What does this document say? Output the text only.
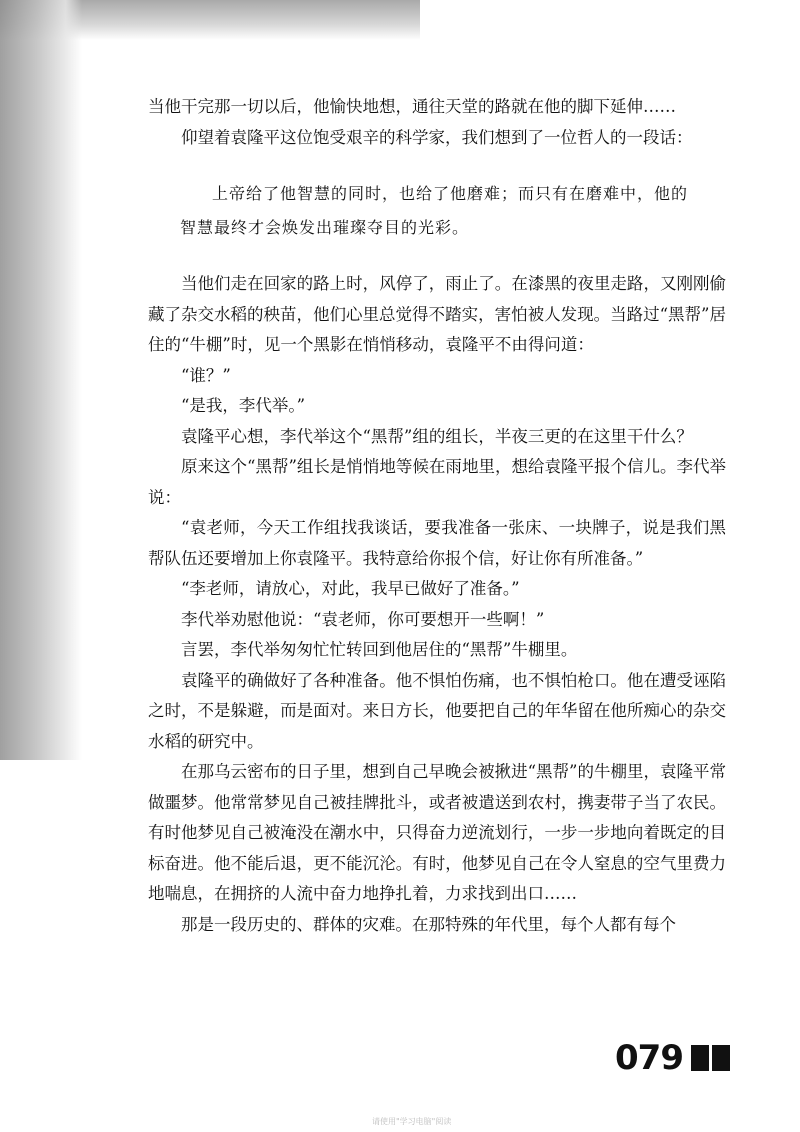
当他干完那一切以后，他愉快地想，通往天堂的路就在他的脚下延伸……

仰望着袁隆平这位饱受艰辛的科学家，我们想到了一位哲人的一段话：

上帝给了他智慧的同时，也给了他磨难；而只有在磨难中，他的

智慧最终才会焕发出璀璨夺目的光彩。

当他们走在回家的路上时，风停了，雨止了。在漆黑的夜里走路，又刚刚偷藏了杂交水稻的秧苗，他们心里总觉得不踏实，害怕被人发现。当路过“黑帮”居住的“牛棚”时，见一个黑影在悄悄移动，袁隆平不由得问道：

“谁？”

“是我，李代举。”

袁隆平心想，李代举这个“黑帮”组的组长，半夜三更的在这里干什么？

原来这个“黑帮”组长是悄悄地等候在雨地里，想给袁隆平报个信儿。李代举说：

“袁老师，今天工作组找我谈话，要我准备一张床、一块牌子，说是我们黑帮队伍还要增加上你袁隆平。我特意给你报个信，好让你有所准备。”

“李老师，请放心，对此，我早已做好了准备。”

李代举劝慰他说：“袁老师，你可要想开一些啊！”

言罢，李代举匆匆忙忙转回到他居住的“黑帮”牛棚里。

袁隆平的确做好了各种准备。他不惧怕伤痛，也不惧怕枪口。他在遭受诬陷之时，不是躲避，而是面对。来日方长，他要把自己的年华留在他所痴心的杂交水稻的研究中。

在那乌云密布的日子里，想到自己早晚会被揪进“黑帮”的牛棚里，袁隆平常做噩梦。他常常梦见自己被挂牌批斗，或者被遣送到农村，携妻带子当了农民。有时他梦见自己被淹没在潮水中，只得奋力逆流划行，一步一步地向着既定的目标奋进。他不能后退，更不能沉沦。有时，他梦见自己在令人窒息的空气里费力地喘息，在拥挤的人流中奋力地挣扎着，力求找到出口……

那是一段历史的、群体的灾难。在那特殊的年代里，每个人都有每个

079
请使用"学习电脑"阅读
